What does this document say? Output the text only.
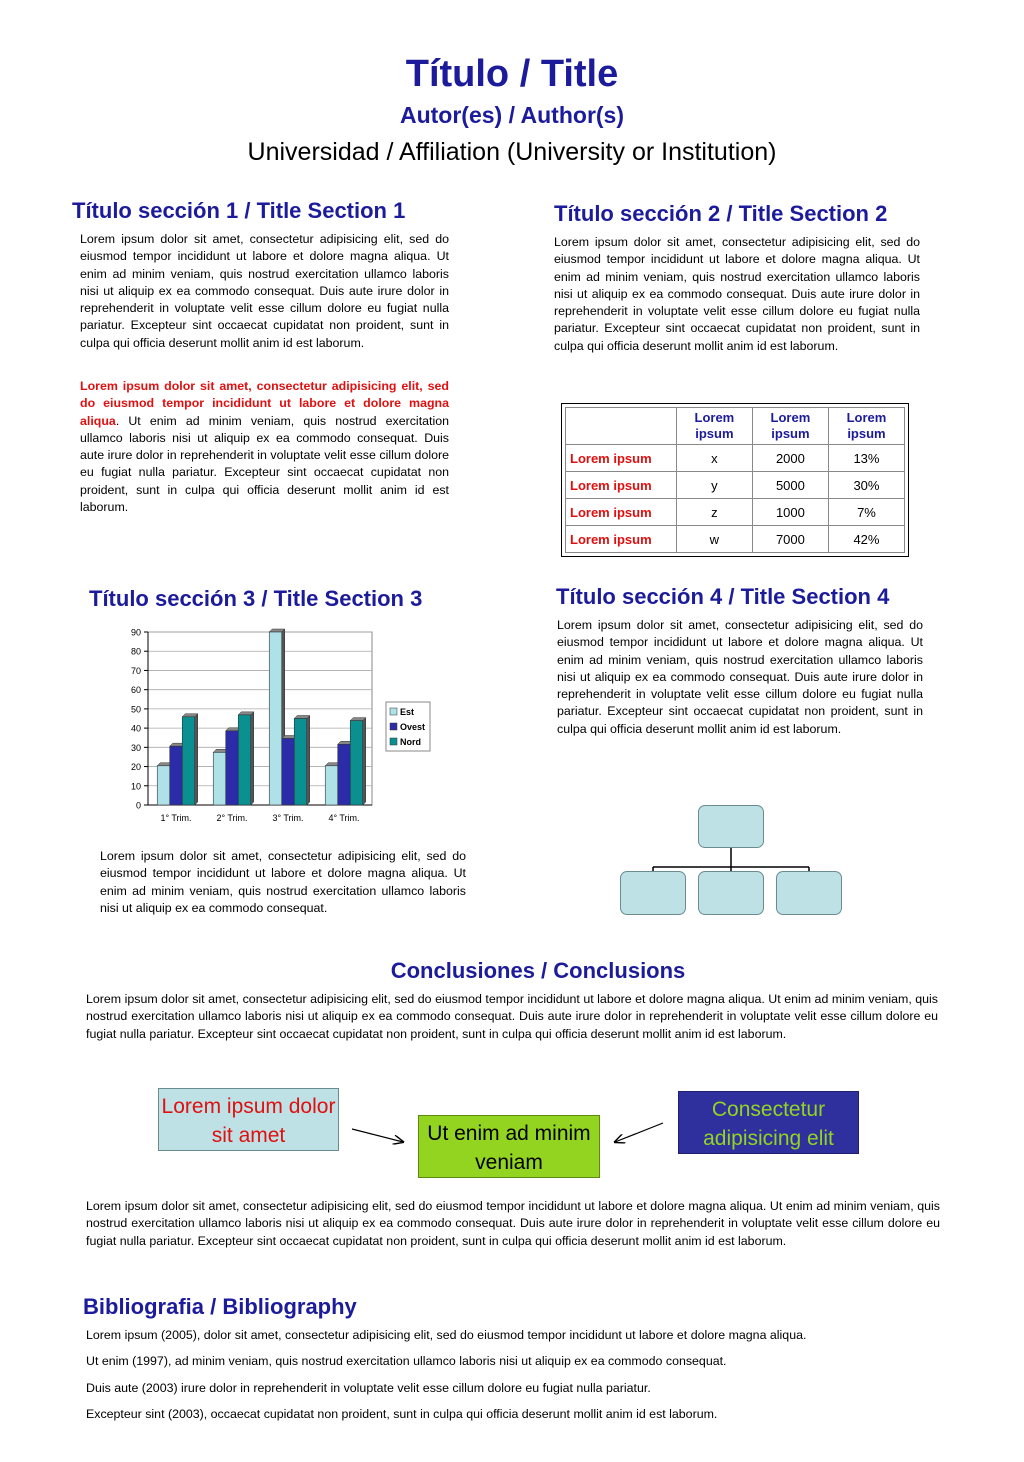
Título / Title
Autor(es) / Author(s)
Universidad / Affiliation (University or Institution)
Título sección 1 / Title Section 1
Lorem ipsum dolor sit amet, consectetur adipisicing elit, sed do eiusmod tempor incididunt ut labore et dolore magna aliqua. Ut enim ad minim veniam, quis nostrud exercitation ullamco laboris nisi ut aliquip ex ea commodo consequat. Duis aute irure dolor in reprehenderit in voluptate velit esse cillum dolore eu fugiat nulla pariatur. Excepteur sint occaecat cupidatat non proident, sunt in culpa qui officia deserunt mollit anim id est laborum.
Lorem ipsum dolor sit amet, consectetur adipisicing elit, sed do eiusmod tempor incididunt ut labore et dolore magna aliqua. Ut enim ad minim veniam, quis nostrud exercitation ullamco laboris nisi ut aliquip ex ea commodo consequat. Duis aute irure dolor in reprehenderit in voluptate velit esse cillum dolore eu fugiat nulla pariatur. Excepteur sint occaecat cupidatat non proident, sunt in culpa qui officia deserunt mollit anim id est laborum.
Título sección 2 / Title Section 2
Lorem ipsum dolor sit amet, consectetur adipisicing elit, sed do eiusmod tempor incididunt ut labore et dolore magna aliqua. Ut enim ad minim veniam, quis nostrud exercitation ullamco laboris nisi ut aliquip ex ea commodo consequat. Duis aute irure dolor in reprehenderit in voluptate velit esse cillum dolore eu fugiat nulla pariatur. Excepteur sint occaecat cupidatat non proident, sunt in culpa qui officia deserunt mollit anim id est laborum.
	Lorem ipsum	Lorem ipsum	Lorem ipsum
Lorem ipsum	x	2000	13%
Lorem ipsum	y	5000	30%
Lorem ipsum	z	1000	7%
Lorem ipsum	w	7000	42%
Título sección 3 / Title Section 3
0
10
20
30
40
50
60
70
80
90
1° Trim.	2° Trim.	3° Trim.	4° Trim.
Est
Ovest
Nord
Lorem ipsum dolor sit amet, consectetur adipisicing elit, sed do eiusmod tempor incididunt ut labore et dolore magna aliqua. Ut enim ad minim veniam, quis nostrud exercitation ullamco laboris nisi ut aliquip ex ea commodo consequat.
Título sección 4 / Title Section 4
Lorem ipsum dolor sit amet, consectetur adipisicing elit, sed do eiusmod tempor incididunt ut labore et dolore magna aliqua. Ut enim ad minim veniam, quis nostrud exercitation ullamco laboris nisi ut aliquip ex ea commodo consequat. Duis aute irure dolor in reprehenderit in voluptate velit esse cillum dolore eu fugiat nulla pariatur. Excepteur sint occaecat cupidatat non proident, sunt in culpa qui officia deserunt mollit anim id est laborum.
Conclusiones / Conclusions
Lorem ipsum dolor sit amet, consectetur adipisicing elit, sed do eiusmod tempor incididunt ut labore et dolore magna aliqua. Ut enim ad minim veniam, quis nostrud exercitation ullamco laboris nisi ut aliquip ex ea commodo consequat. Duis aute irure dolor in reprehenderit in voluptate velit esse cillum dolore eu fugiat nulla pariatur. Excepteur sint occaecat cupidatat non proident, sunt in culpa qui officia deserunt mollit anim id est laborum.
Lorem ipsum dolor sit amet	Ut enim ad minim veniam
Consectetur adipisicing elit
Lorem ipsum dolor sit amet, consectetur adipisicing elit, sed do eiusmod tempor incididunt ut labore et dolore magna aliqua. Ut enim ad minim veniam, quis nostrud exercitation ullamco laboris nisi ut aliquip ex ea commodo consequat. Duis aute irure dolor in reprehenderit in voluptate velit esse cillum dolore eu fugiat nulla pariatur. Excepteur sint occaecat cupidatat non proident, sunt in culpa qui officia deserunt mollit anim id est laborum.
Bibliografia / Bibliography
Lorem ipsum (2005), dolor sit amet, consectetur adipisicing elit, sed do eiusmod tempor incididunt ut labore et dolore magna aliqua.
Ut enim (1997), ad minim veniam, quis nostrud exercitation ullamco laboris nisi ut aliquip ex ea commodo consequat.
Duis aute (2003) irure dolor in reprehenderit in voluptate velit esse cillum dolore eu fugiat nulla pariatur.
Excepteur sint (2003), occaecat cupidatat non proident, sunt in culpa qui officia deserunt mollit anim id est laborum.
